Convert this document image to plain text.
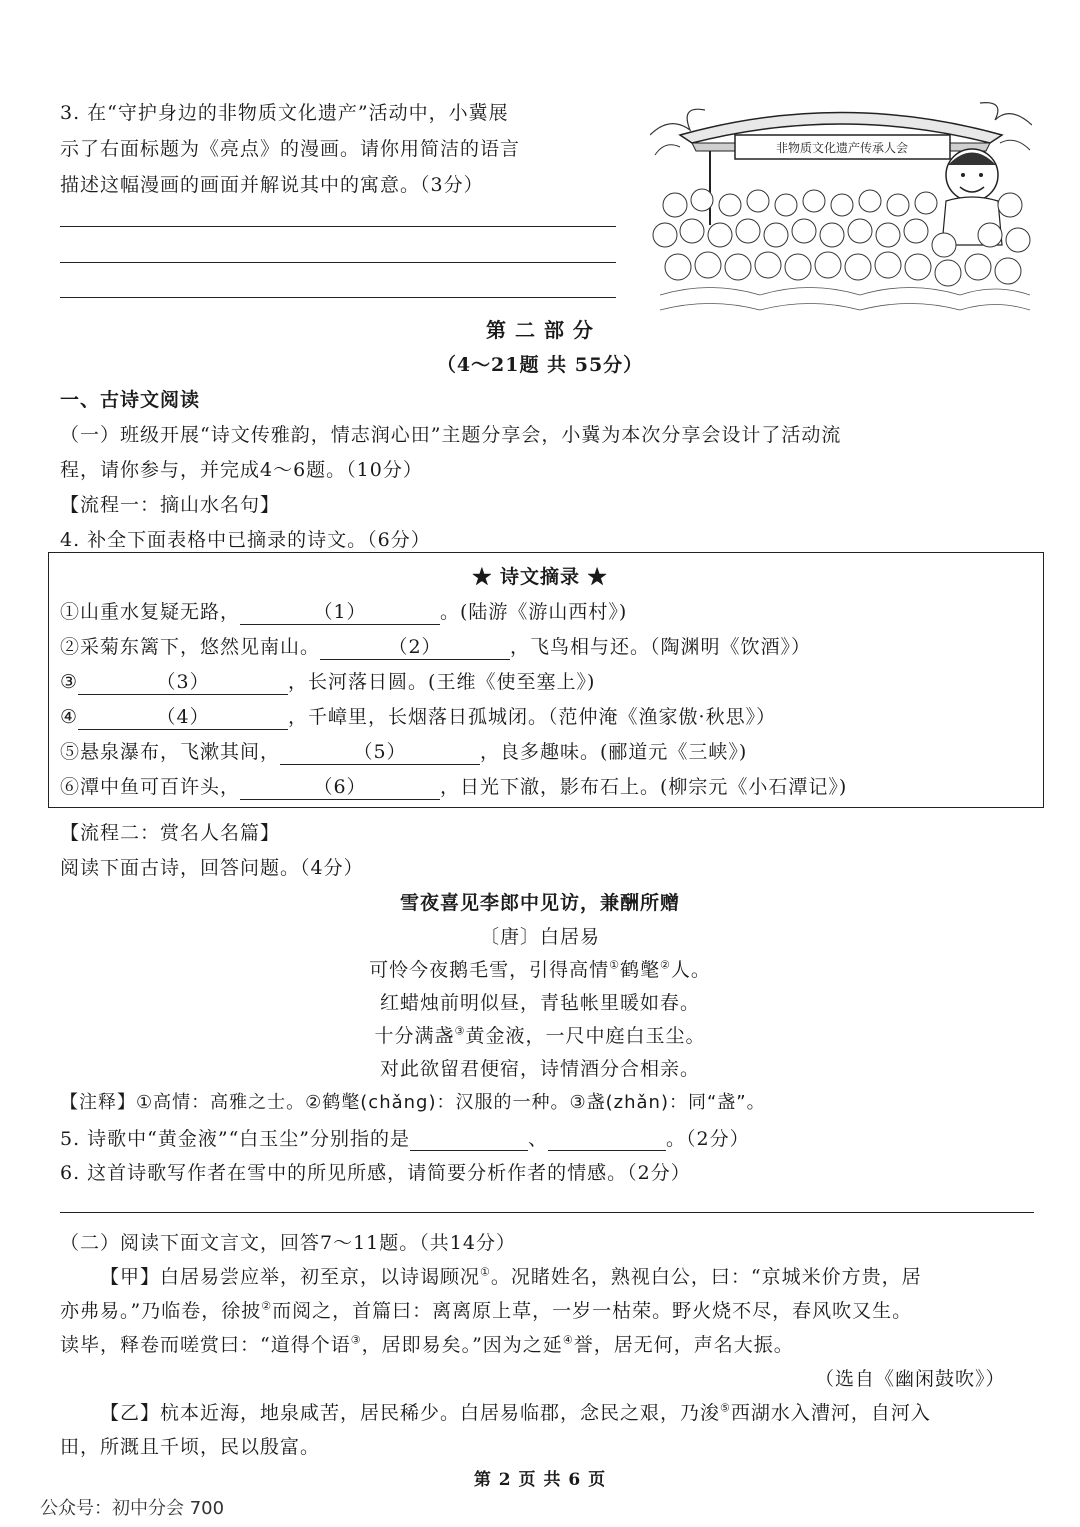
3. 在“守护身边的非物质文化遗产”活动中，小冀展
示了右面标题为《亮点》的漫画。请你用简洁的语言
描述这幅漫画的画面并解说其中的寓意。（3分）
非物质文化遗产传承人会
第 二 部 分
（4～21题 共 55分）
一、古诗文阅读
（一）班级开展“诗文传雅韵，情志润心田”主题分享会，小冀为本次分享会设计了活动流
程，请你参与，并完成4～6题。（10分）
【流程一：摘山水名句】
4. 补全下面表格中已摘录的诗文。（6分）
★ 诗文摘录 ★
①山重水复疑无路，	（1）	。(陆游《游山西村》)
②采菊东篱下，悠然见南山。	（2）	，飞鸟相与还。（陶渊明《饮酒》）
③	（3）	，长河落日圆。(王维《使至塞上》)
④	（4）	，千嶂里，长烟落日孤城闭。（范仲淹《渔家傲·秋思》）
⑤悬泉瀑布，飞漱其间，	（5）	，良多趣味。(郦道元《三峡》)
⑥潭中鱼可百许头，	（6）	，日光下澈，影布石上。(柳宗元《小石潭记》)
【流程二：赏名人名篇】
阅读下面古诗，回答问题。（4分）
雪夜喜见李郎中见访，兼酬所赠
〔唐〕白居易
可怜今夜鹅毛雪，引得高情①鹤氅②人。
红蜡烛前明似昼，青毡帐里暖如春。
十分满盏③黄金液，一尺中庭白玉尘。
对此欲留君便宿，诗情酒分合相亲。
【注释】①高情：高雅之士。②鹤氅(chǎng)：汉服的一种。③盏(zhǎn)：同“盏”。
5. 诗歌中“黄金液”“白玉尘”分别指的是	、	。（2分）
6. 这首诗歌写作者在雪中的所见所感，请简要分析作者的情感。（2分）
（二）阅读下面文言文，回答7～11题。（共14分）
【甲】白居易尝应举，初至京，以诗谒顾况①。况睹姓名，熟视白公，曰：“京城米价方贵，居
亦弗易。”乃临卷，徐披②而阅之，首篇曰：离离原上草，一岁一枯荣。野火烧不尽，春风吹又生。
读毕，释卷而嗟赏曰：“道得个语③，居即易矣。”因为之延④誉，居无何，声名大振。
（选自《幽闲鼓吹》）
【乙】杭本近海，地泉咸苦，居民稀少。白居易临郡，念民之艰，乃浚⑤西湖水入漕河，自河入
田，所溉且千顷，民以殷富。
第 2 页 共 6 页
公众号：初中分会 700
